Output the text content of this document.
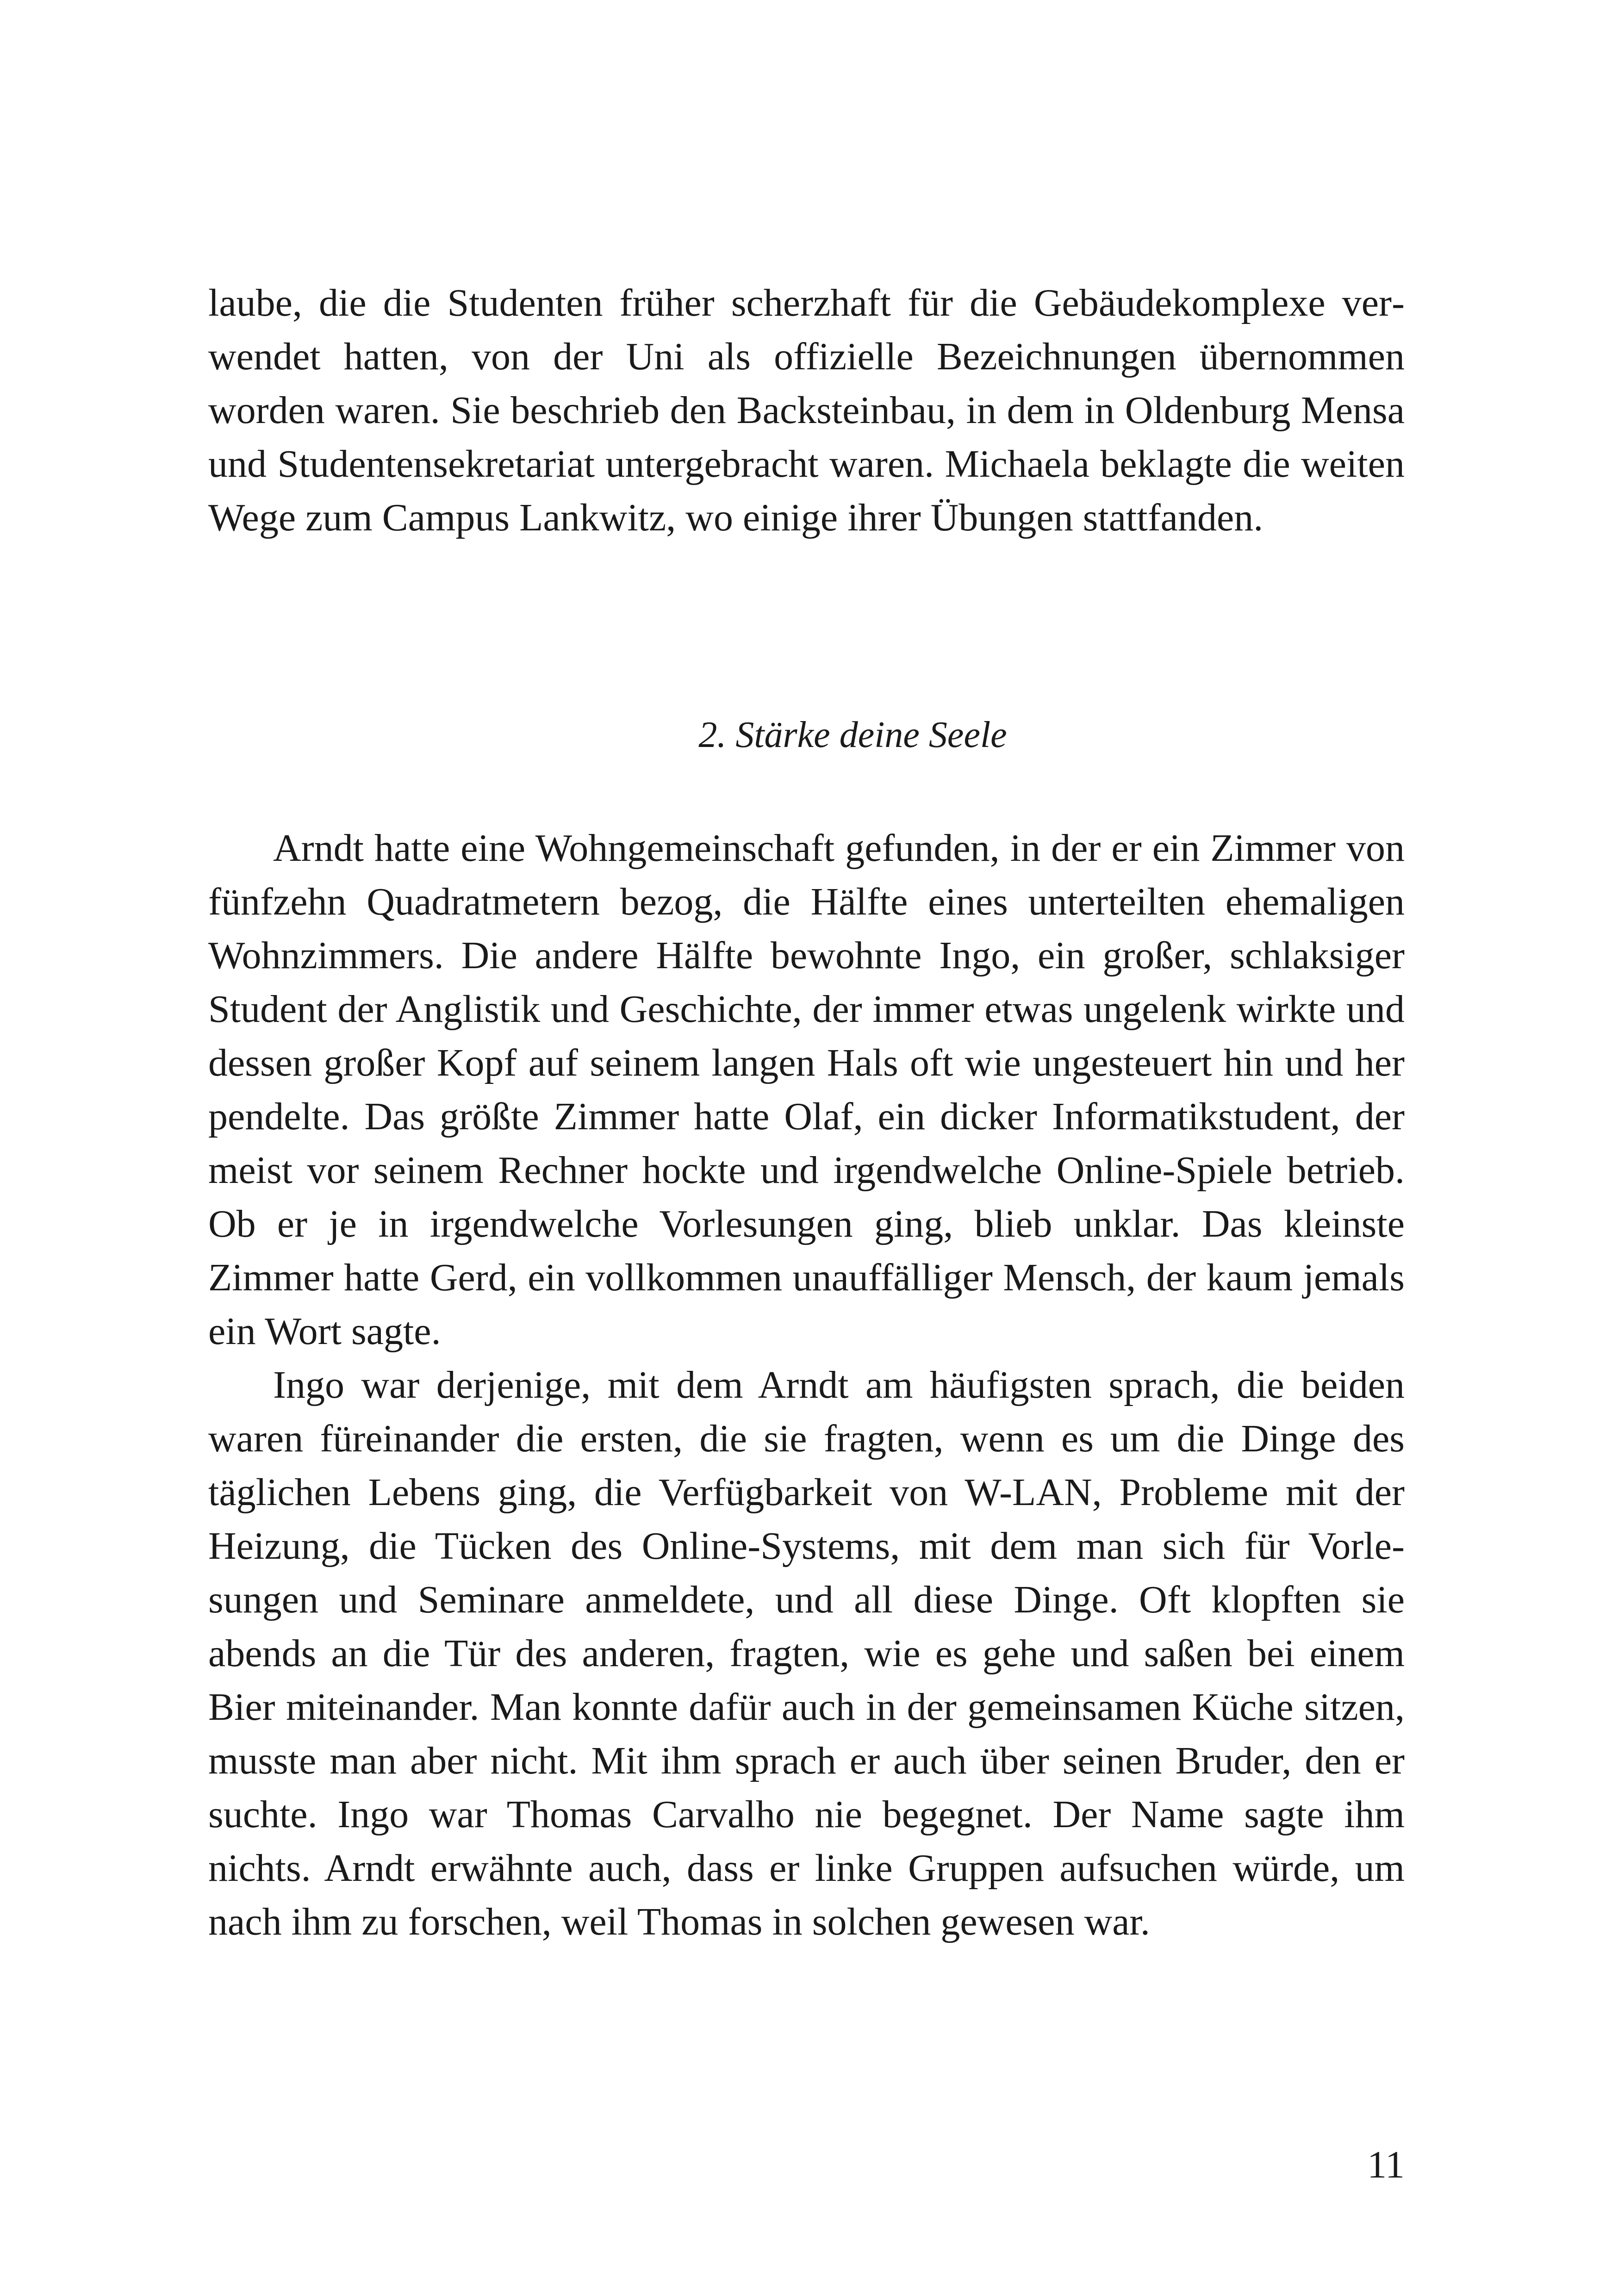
laube, die die Studenten früher scherzhaft für die Gebäudekomplexe verwendet hatten, von der Uni als offizielle Bezeichnungen übernommen worden waren. Sie beschrieb den Backsteinbau, in dem in Oldenburg Mensa und Studentensekretariat untergebracht waren. Michaela beklagte die weiten Wege zum Campus Lankwitz, wo einige ihrer Übungen stattfanden.

2. Stärke deine Seele

Arndt hatte eine Wohngemeinschaft gefunden, in der er ein Zimmer von fünfzehn Quadratmetern bezog, die Hälfte eines unterteilten ehemaligen Wohnzimmers. Die andere Hälfte bewohnte Ingo, ein großer, schlaksiger Student der Anglistik und Geschichte, der immer etwas ungelenk wirkte und dessen großer Kopf auf seinem langen Hals oft wie ungesteuert hin und her pendelte. Das größte Zimmer hatte Olaf, ein dicker Informatikstudent, der meist vor seinem Rechner hockte und irgendwelche Online-Spiele betrieb. Ob er je in irgendwelche Vorlesungen ging, blieb unklar. Das kleinste Zimmer hatte Gerd, ein vollkommen unauffälliger Mensch, der kaum jemals ein Wort sagte.

Ingo war derjenige, mit dem Arndt am häufigsten sprach, die beiden waren füreinander die ersten, die sie fragten, wenn es um die Dinge des täglichen Lebens ging, die Verfügbarkeit von W-LAN, Probleme mit der Heizung, die Tücken des Online-Systems, mit dem man sich für Vorlesungen und Seminare anmeldete, und all diese Dinge. Oft klopften sie abends an die Tür des anderen, fragten, wie es gehe und saßen bei einem Bier miteinander. Man konnte dafür auch in der gemeinsamen Küche sitzen, musste man aber nicht. Mit ihm sprach er auch über seinen Bruder, den er suchte. Ingo war Thomas Carvalho nie begegnet. Der Name sagte ihm nichts. Arndt erwähnte auch, dass er linke Gruppen aufsuchen würde, um nach ihm zu forschen, weil Thomas in solchen gewesen war.

11
